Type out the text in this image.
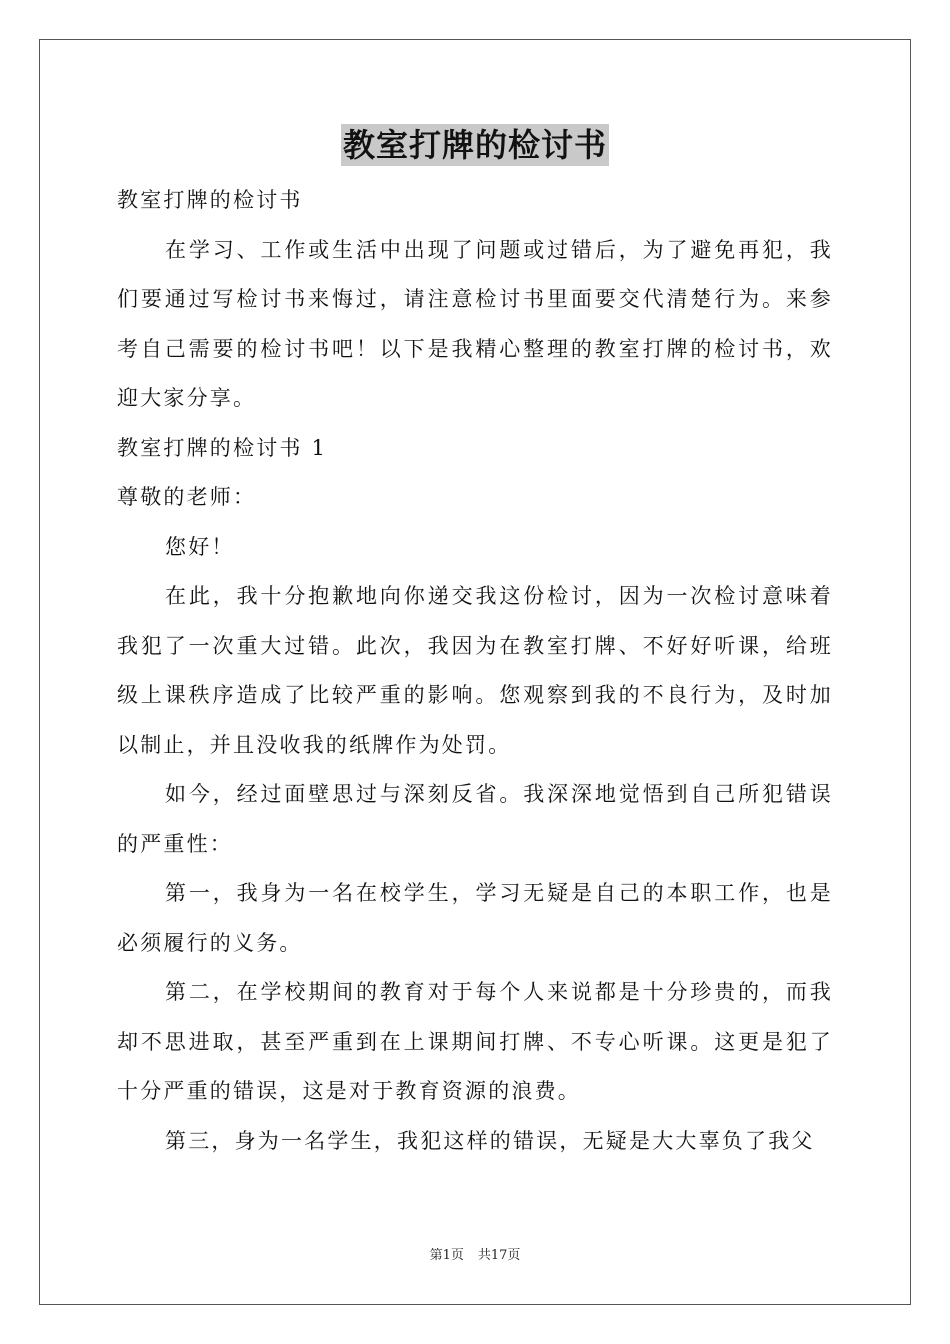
教室打牌的检讨书

教室打牌的检讨书

在学习、工作或生活中出现了问题或过错后，为了避免再犯，我们要通过写检讨书来悔过，请注意检讨书里面要交代清楚行为。来参考自己需要的检讨书吧！以下是我精心整理的教室打牌的检讨书，欢迎大家分享。

教室打牌的检讨书 1

尊敬的老师：

您好！

在此，我十分抱歉地向你递交我这份检讨，因为一次检讨意味着我犯了一次重大过错。此次，我因为在教室打牌、不好好听课，给班级上课秩序造成了比较严重的影响。您观察到我的不良行为，及时加以制止，并且没收我的纸牌作为处罚。

如今，经过面壁思过与深刻反省。我深深地觉悟到自己所犯错误的严重性：

第一，我身为一名在校学生，学习无疑是自己的本职工作，也是必须履行的义务。

第二，在学校期间的教育对于每个人来说都是十分珍贵的，而我却不思进取，甚至严重到在上课期间打牌、不专心听课。这更是犯了十分严重的错误，这是对于教育资源的浪费。

第三，身为一名学生，我犯这样的错误，无疑是大大辜负了我父

第1页 共17页
